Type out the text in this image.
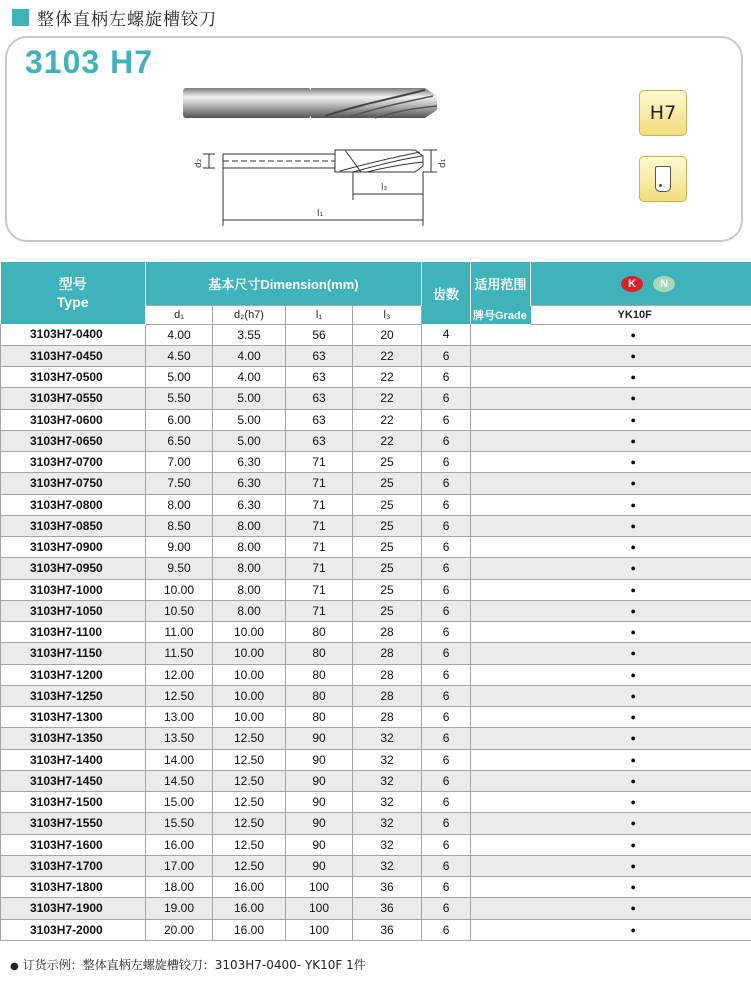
整体直柄左螺旋槽铰刀
3103 H7
d₂	d₁
l₃
l₁
H7
型号
Type	基本尺寸Dimension(mm)				齿数	适用范围	K N
	d₁	d₂(h7)	l₁	l₃		牌号Grade	YK10F
3103H7-0400	4.00	3.55	56	20	4		●
3103H7-0450	4.50	4.00	63	22	6		●
3103H7-0500	5.00	4.00	63	22	6		●
3103H7-0550	5.50	5.00	63	22	6		●
3103H7-0600	6.00	5.00	63	22	6		●
3103H7-0650	6.50	5.00	63	22	6		●
3103H7-0700	7.00	6.30	71	25	6		●
3103H7-0750	7.50	6.30	71	25	6		●
3103H7-0800	8.00	6.30	71	25	6		●
3103H7-0850	8.50	8.00	71	25	6		●
3103H7-0900	9.00	8.00	71	25	6		●
3103H7-0950	9.50	8.00	71	25	6		●
3103H7-1000	10.00	8.00	71	25	6		●
3103H7-1050	10.50	8.00	71	25	6		●
3103H7-1100	11.00	10.00	80	28	6		●
3103H7-1150	11.50	10.00	80	28	6		●
3103H7-1200	12.00	10.00	80	28	6		●
3103H7-1250	12.50	10.00	80	28	6		●
3103H7-1300	13.00	10.00	80	28	6		●
3103H7-1350	13.50	12.50	90	32	6		●
3103H7-1400	14.00	12.50	90	32	6		●
3103H7-1450	14.50	12.50	90	32	6		●
3103H7-1500	15.00	12.50	90	32	6		●
3103H7-1550	15.50	12.50	90	32	6		●
3103H7-1600	16.00	12.50	90	32	6		●
3103H7-1700	17.00	12.50	90	32	6		●
3103H7-1800	18.00	16.00	100	36	6		●
3103H7-1900	19.00	16.00	100	36	6		●
3103H7-2000	20.00	16.00	100	36	6		●
● 订货示例：整体直柄左螺旋槽铰刀：3103H7-0400- YK10F 1件
